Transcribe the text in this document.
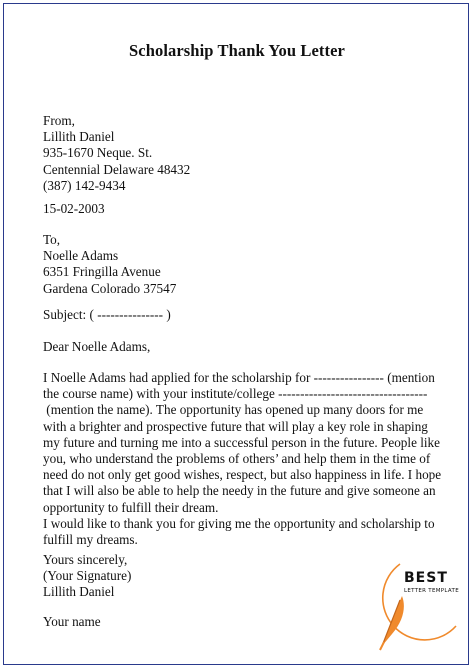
Scholarship Thank You Letter
From,
Lillith Daniel
935-1670 Neque. St.
Centennial Delaware 48432
(387) 142-9434
15-02-2003
To,
Noelle Adams
6351 Fringilla Avenue
Gardena Colorado 37547
Subject: ( --------------- )
Dear Noelle Adams,
I Noelle Adams had applied for the scholarship for ---------------- (mention
the course name) with your institute/college ----------------------------------
(mention the name). The opportunity has opened up many doors for me
with a brighter and prospective future that will play a key role in shaping
my future and turning me into a successful person in the future. People like
you, who understand the problems of others’ and help them in the time of
need do not only get good wishes, respect, but also happiness in life. I hope
that I will also be able to help the needy in the future and give someone an
opportunity to fulfill their dream.
I would like to thank you for giving me the opportunity and scholarship to
fulfill my dreams.
Yours sincerely,
(Your Signature)
Lillith Daniel
Your name
BEST
LETTER TEMPLATE
